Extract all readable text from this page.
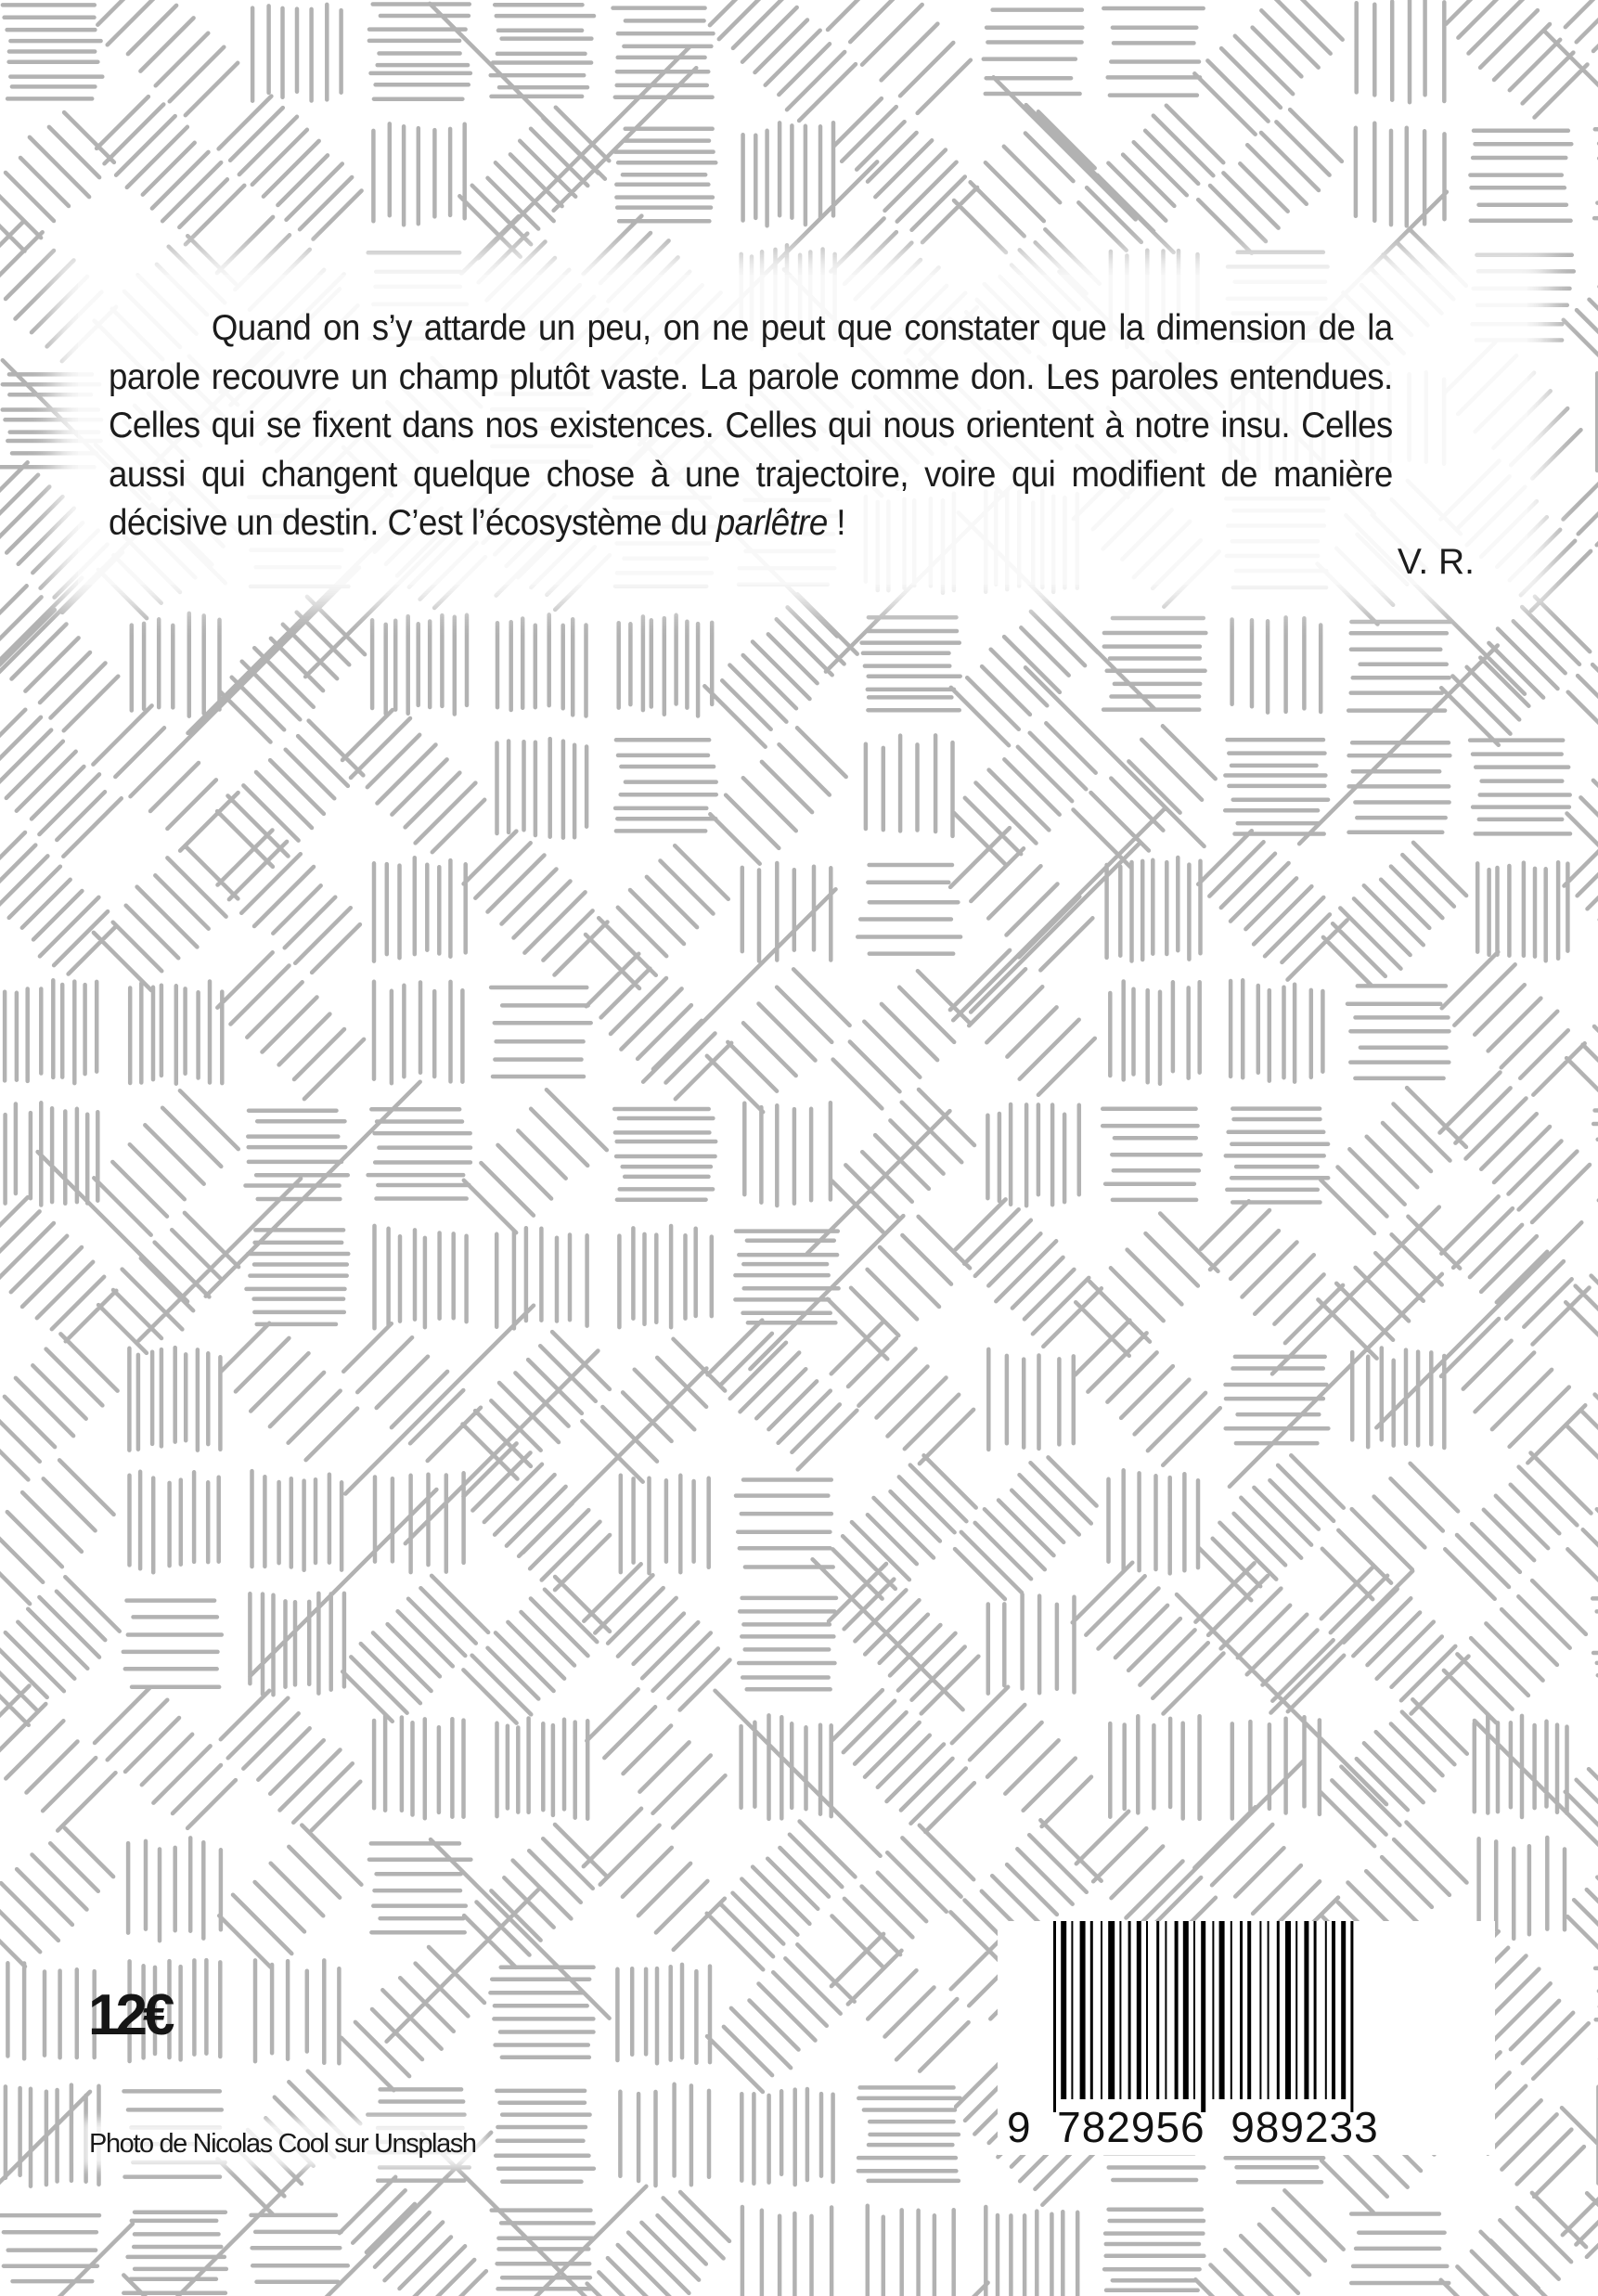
Quand on s’y attarde un peu, on ne peut que constater que la dimension de la parole recouvre un champ plutôt vaste. La parole comme don. Les paroles entendues. Celles qui se fixent dans nos existences. Celles qui nous orientent à notre insu. Celles aussi qui changent quelque chose à une trajectoire, voire qui modifient de manière décisive un destin. C’est l’écosystème du parlêtre !

V. R.

12€

Photo de Nicolas Cool sur Unsplash	9  782956  989233
